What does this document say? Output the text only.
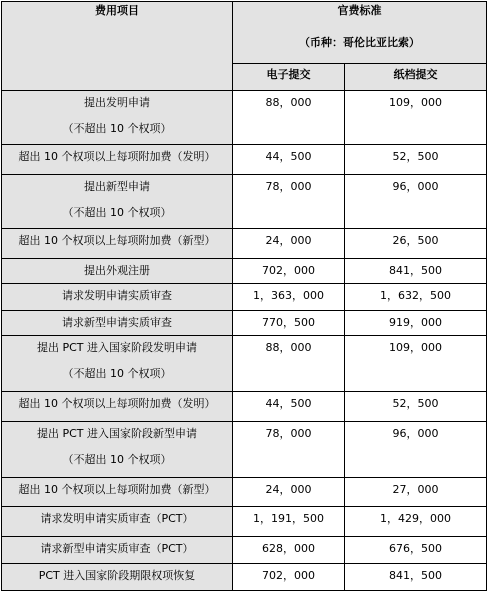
费用项目	官费标准
（币种：哥伦比亚比索）	

	电子提交	纸档提交

提出发明申请
（不超出 10 个权项）	88，000	109，000

超出 10 个权项以上每项附加费（发明）	44，500	52，500

提出新型申请
（不超出 10 个权项）	78，000	96，000

超出 10 个权项以上每项附加费（新型）	24，000	26，500

提出外观注册	702，000	841，500

请求发明申请实质审查	1，363，000	1，632，500

请求新型申请实质审查	770，500	919，000

提出 PCT 进入国家阶段发明申请
（不超出 10 个权项）	88，000	109，000

超出 10 个权项以上每项附加费（发明）	44，500	52，500

提出 PCT 进入国家阶段新型申请
（不超出 10 个权项）	78，000	96，000

超出 10 个权项以上每项附加费（新型）	24，000	27，000

请求发明申请实质审查（PCT）	1，191，500	1，429，000

请求新型申请实质审查（PCT）	628，000	676，500

PCT 进入国家阶段期限权项恢复	702，000	841，500
